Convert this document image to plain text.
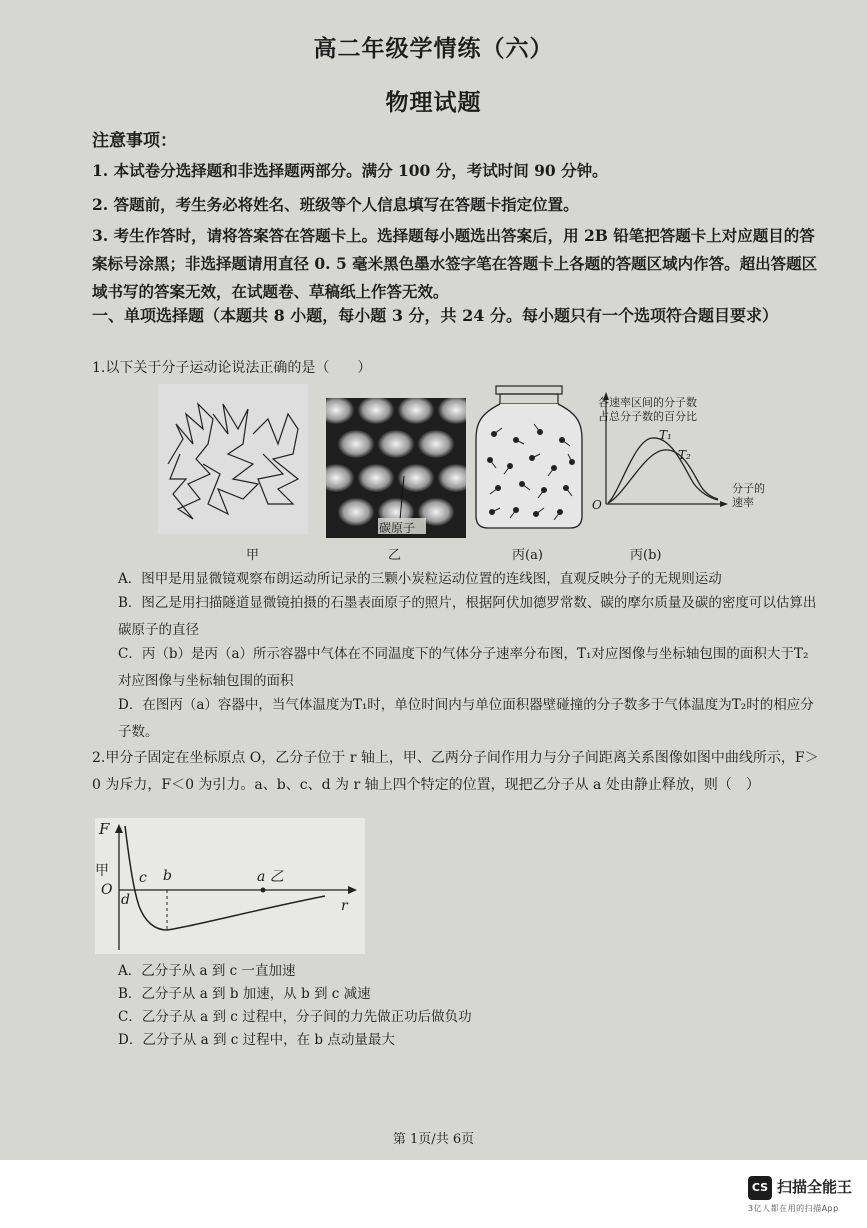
高二年级学情练（六）
物理试题
注意事项：
1. 本试卷分选择题和非选择题两部分。满分 100 分，考试时间 90 分钟。
2. 答题前，考生务必将姓名、班级等个人信息填写在答题卡指定位置。
3. 考生作答时，请将答案答在答题卡上。选择题每小题选出答案后，用 2B 铅笔把答题卡上对应题目的答案标号涂黑；非选择题请用直径 0. 5 毫米黑色墨水签字笔在答题卡上各题的答题区域内作答。超出答题区域书写的答案无效，在试题卷、草稿纸上作答无效。
一、单项选择题（本题共 8 小题，每小题 3 分，共 24 分。每小题只有一个选项符合题目要求）
1.以下关于分子运动论说法正确的是（　　）
甲
碳原子
乙	丙(a)
各速率区间的分子数
占总分子数的百分比
T₁
T₂
分子的
速率
O
丙(b)
A．图甲是用显微镜观察布朗运动所记录的三颗小炭粒运动位置的连线图，直观反映分子的无规则运动
B．图乙是用扫描隧道显微镜拍摄的石墨表面原子的照片，根据阿伏加德罗常数、碳的摩尔质量及碳的密度可以估算出碳原子的直径
C．丙（b）是丙（a）所示容器中气体在不同温度下的气体分子速率分布图，T₁对应图像与坐标轴包围的面积大于T₂对应图像与坐标轴包围的面积
D．在图丙（a）容器中，当气体温度为T₁时，单位时间内与单位面积器壁碰撞的分子数多于气体温度为T₂时的相应分子数。
2.甲分子固定在坐标原点 O，乙分子位于 r 轴上，甲、乙两分子间作用力与分子间距离关系图像如图中曲线所示，F＞0 为斥力，F＜0 为引力。a、b、c、d 为 r 轴上四个特定的位置，现把乙分子从 a 处由静止释放，则（　）
F
甲
O
c b
d
a 乙
r
A．乙分子从 a 到 c 一直加速
B．乙分子从 a 到 b 加速，从 b 到 c 减速
C．乙分子从 a 到 c 过程中，分子间的力先做正功后做负功
D．乙分子从 a 到 c 过程中，在 b 点动量最大
第 1页/共 6页
CS 扫描全能王
3亿人都在用的扫描App
